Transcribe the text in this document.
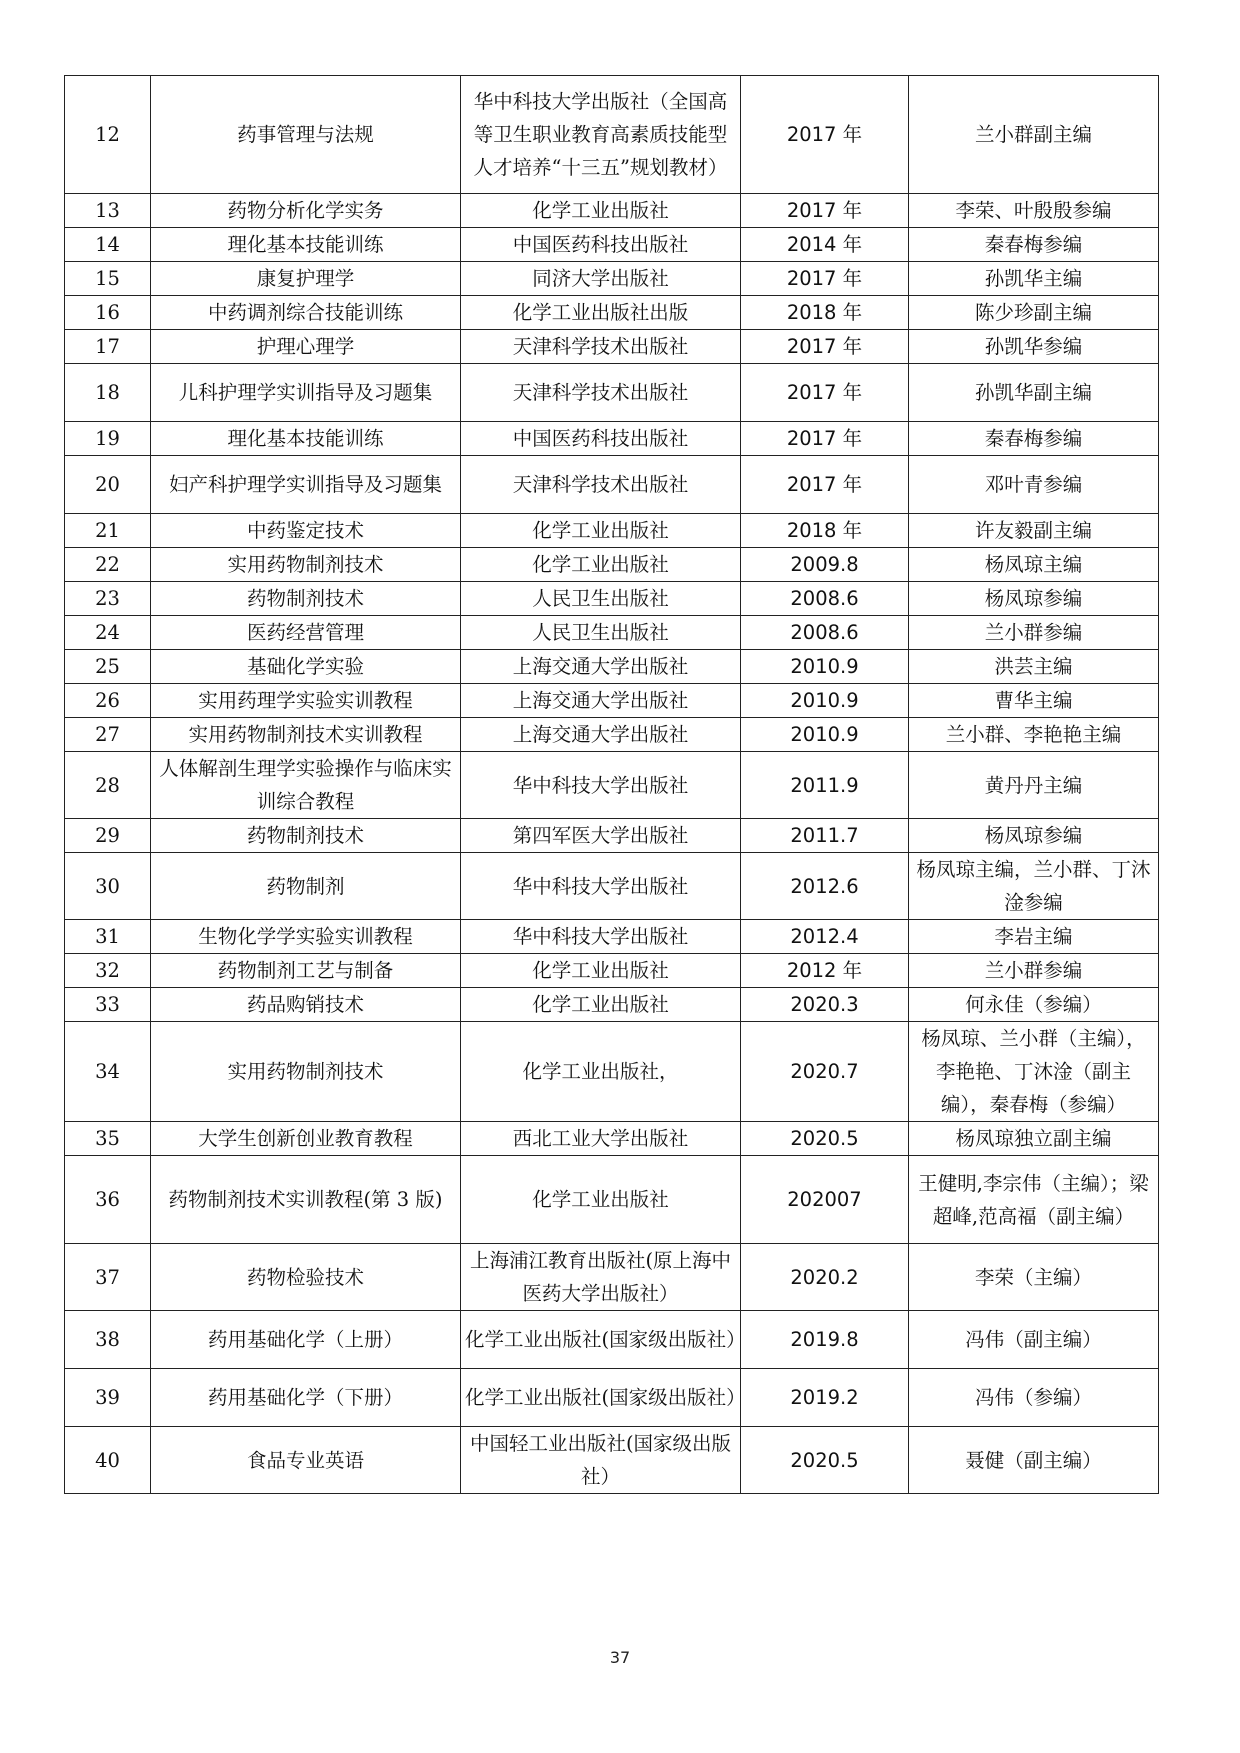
12	药事管理与法规	华中科技大学出版社（全国高等卫生职业教育高素质技能型人才培养“十三五”规划教材）	2017 年	兰小群副主编
13	药物分析化学实务	化学工业出版社	2017 年	李荣、叶殷殷参编
14	理化基本技能训练	中国医药科技出版社	2014 年	秦春梅参编
15	康复护理学	同济大学出版社	2017 年	孙凯华主编
16	中药调剂综合技能训练	化学工业出版社出版	2018 年	陈少珍副主编
17	护理心理学	天津科学技术出版社	2017 年	孙凯华参编
18	儿科护理学实训指导及习题集	天津科学技术出版社	2017 年	孙凯华副主编
19	理化基本技能训练	中国医药科技出版社	2017 年	秦春梅参编
20	妇产科护理学实训指导及习题集	天津科学技术出版社	2017 年	邓叶青参编
21	中药鉴定技术	化学工业出版社	2018 年	许友毅副主编
22	实用药物制剂技术	化学工业出版社	2009.8	杨凤琼主编
23	药物制剂技术	人民卫生出版社	2008.6	杨凤琼参编
24	医药经营管理	人民卫生出版社	2008.6	兰小群参编
25	基础化学实验	上海交通大学出版社	2010.9	洪芸主编
26	实用药理学实验实训教程	上海交通大学出版社	2010.9	曹华主编
27	实用药物制剂技术实训教程	上海交通大学出版社	2010.9	兰小群、李艳艳主编
28	人体解剖生理学实验操作与临床实训综合教程	华中科技大学出版社	2011.9	黄丹丹主编
29	药物制剂技术	第四军医大学出版社	2011.7	杨凤琼参编
30	药物制剂	华中科技大学出版社	2012.6	杨凤琼主编，兰小群、丁沐淦参编
31	生物化学学实验实训教程	华中科技大学出版社	2012.4	李岩主编
32	药物制剂工艺与制备	化学工业出版社	2012 年	兰小群参编
33	药品购销技术	化学工业出版社	2020.3	何永佳（参编）
34	实用药物制剂技术	化学工业出版社，	2020.7	杨凤琼、兰小群（主编），李艳艳、丁沐淦（副主编），秦春梅（参编）
35	大学生创新创业教育教程	西北工业大学出版社	2020.5	杨凤琼独立副主编
36	药物制剂技术实训教程(第 3 版)	化学工业出版社	202007	王健明,李宗伟（主编）；梁超峰,范高福（副主编）
37	药物检验技术	上海浦江教育出版社(原上海中医药大学出版社）	2020.2	李荣（主编）
38	药用基础化学（上册）	化学工业出版社(国家级出版社）	2019.8	冯伟（副主编）
39	药用基础化学（下册）	化学工业出版社(国家级出版社）	2019.2	冯伟（参编）
40	食品专业英语	中国轻工业出版社(国家级出版社）	2020.5	聂健（副主编）
37
